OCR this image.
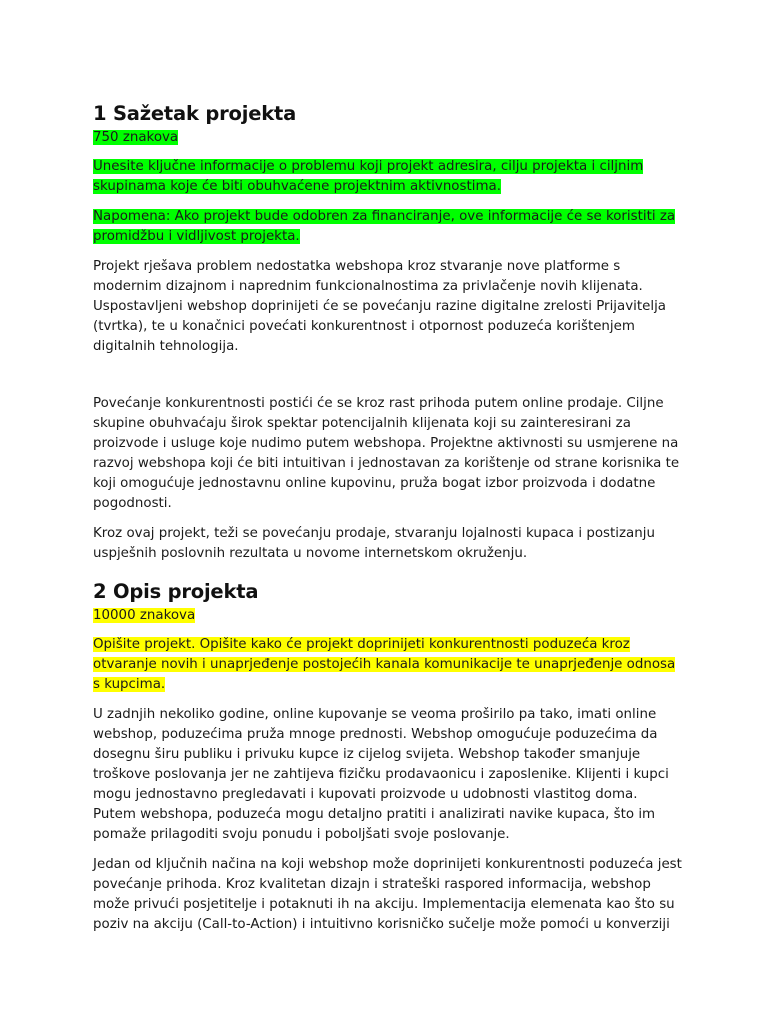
1 Sažetak projekta
750 znakova
Unesite ključne informacije o problemu koji projekt adresira, cilju projekta i ciljnim skupinama koje će biti obuhvaćene projektnim aktivnostima.
Napomena: Ako projekt bude odobren za financiranje, ove informacije će se koristiti za promidžbu i vidljivost projekta.

Projekt rješava problem nedostatka webshopa kroz stvaranje nove platforme s modernim dizajnom i naprednim funkcionalnostima za privlačenje novih klijenata. Uspostavljeni webshop doprinijeti će se povećanju razine digitalne zrelosti Prijavitelja (tvrtka), te u konačnici povećati konkurentnost i otpornost poduzeća korištenjem digitalnih tehnologija.

Povećanje konkurentnosti postići će se kroz rast prihoda putem online prodaje. Ciljne skupine obuhvaćaju širok spektar potencijalnih klijenata koji su zainteresirani za proizvode i usluge koje nudimo putem webshopa. Projektne aktivnosti su usmjerene na razvoj webshopa koji će biti intuitivan i jednostavan za korištenje od strane korisnika te koji omogućuje jednostavnu online kupovinu, pruža bogat izbor proizvoda i dodatne pogodnosti.

Kroz ovaj projekt, teži se povećanju prodaje, stvaranju lojalnosti kupaca i postizanju uspješnih poslovnih rezultata u novome internetskom okruženju.

2 Opis projekta
10000 znakova
Opišite projekt. Opišite kako će projekt doprinijeti konkurentnosti poduzeća kroz otvaranje novih i unaprjeđenje postojećih kanala komunikacije te unaprjeđenje odnosa s kupcima.

U zadnjih nekoliko godine, online kupovanje se veoma proširilo pa tako, imati online webshop, poduzećima pruža mnoge prednosti. Webshop omogućuje poduzećima da dosegnu širu publiku i privuku kupce iz cijelog svijeta. Webshop također smanjuje troškove poslovanja jer ne zahtijeva fizičku prodavaonicu i zaposlenike. Klijenti i kupci mogu jednostavno pregledavati i kupovati proizvode u udobnosti vlastitog doma. Putem webshopa, poduzeća mogu detaljno pratiti i analizirati navike kupaca, što im pomaže prilagoditi svoju ponudu i poboljšati svoje poslovanje.

Jedan od ključnih načina na koji webshop može doprinijeti konkurentnosti poduzeća jest povećanje prihoda. Kroz kvalitetan dizajn i strateški raspored informacija, webshop može privući posjetitelje i potaknuti ih na akciju. Implementacija elemenata kao što su poziv na akciju (Call-to-Action) i intuitivno korisničko sučelje može pomoći u konverziji
